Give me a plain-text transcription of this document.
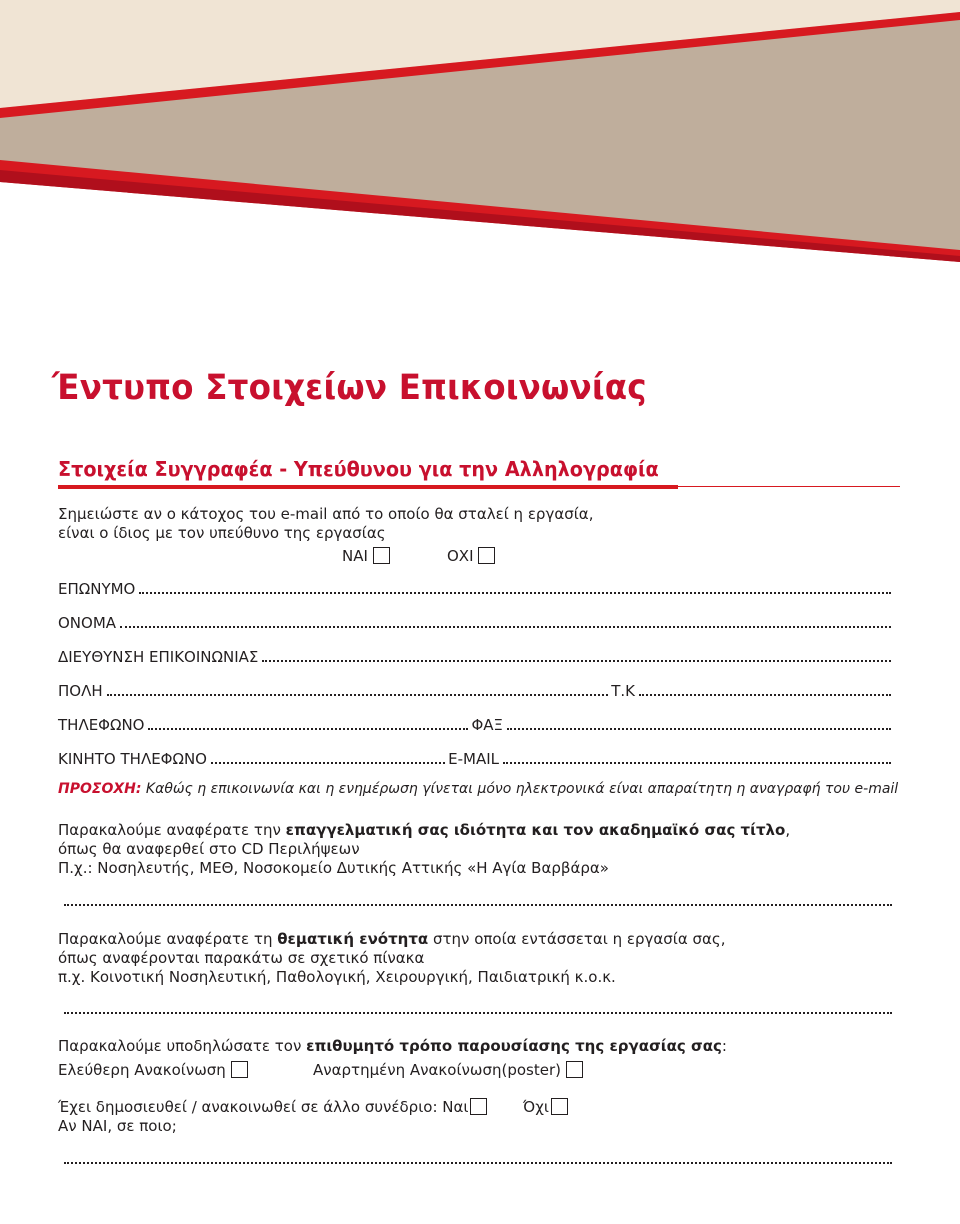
Έντυπο Στοιχείων Επικοινωνίας
Στοιχεία Συγγραφέα - Υπεύθυνου για την Αλληλογραφία
Σημειώστε αν ο κάτοχος του e-mail από το οποίο θα σταλεί η εργασία,
είναι ο ίδιος με τον υπεύθυνο της εργασίας
ΝΑΙ	ΟΧΙ
ΕΠΩΝΥΜΟ
ΟΝΟΜΑ
ΔΙΕΥΘΥΝΣΗ ΕΠΙΚΟΙΝΩΝΙΑΣ
ΠΟΛΗ	Τ.Κ
ΤΗΛΕΦΩΝΟ	ΦΑΞ
ΚΙΝΗΤΟ ΤΗΛΕΦΩΝΟ	E-MAIL
ΠΡΟΣΟΧΗ: Καθώς η επικοινωνία και η ενημέρωση γίνεται μόνο ηλεκτρονικά είναι απαραίτητη η αναγραφή του e-mail
Παρακαλούμε αναφέρατε την επαγγελματική σας ιδιότητα και τον ακαδημαϊκό σας τίτλο,
όπως θα αναφερθεί στο CD Περιλήψεων
Π.χ.: Νοσηλευτής, ΜΕΘ, Νοσοκομείο Δυτικής Αττικής «Η Αγία Βαρβάρα»
Παρακαλούμε αναφέρατε τη θεματική ενότητα στην οποία εντάσσεται η εργασία σας,
όπως αναφέρονται παρακάτω σε σχετικό πίνακα
π.χ. Κοινοτική Νοσηλευτική, Παθολογική, Χειρουργική, Παιδιατρική κ.ο.κ.
Παρακαλούμε υποδηλώσατε τον επιθυμητό τρόπο παρουσίασης της εργασίας σας:
Ελεύθερη Ανακοίνωση	Αναρτημένη Ανακοίνωση(poster)
Έχει δημοσιευθεί / ανακοινωθεί σε άλλο συνέδριο: Ναι	Όχι
Αν ΝΑΙ, σε ποιο;
